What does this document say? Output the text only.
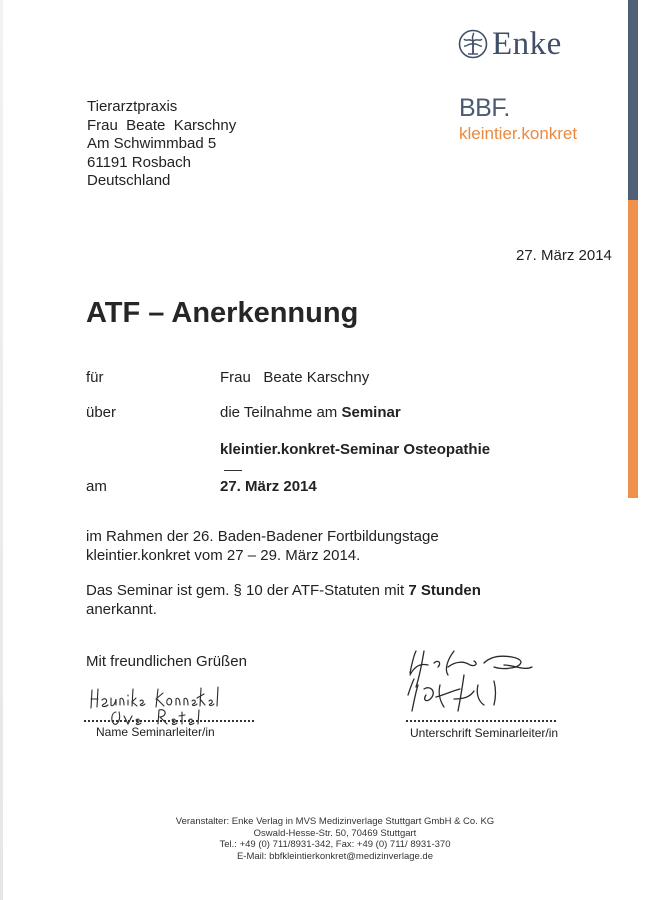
Enke
BBF.
kleintier.konkret
Tierarztpraxis
Frau  Beate  Karschny
Am Schwimmbad 5
61191 Rosbach
Deutschland
27. März 2014
ATF – Anerkennung
für	Frau   Beate Karschny
über	die Teilnahme am Seminar
kleintier.konkret-Seminar Osteopathie
am	27. März 2014
im Rahmen der 26. Baden-Badener Fortbildungstage
kleintier.konkret vom 27 – 29. März 2014.
Das Seminar ist gem. § 10 der ATF-Statuten mit 7 Stunden
anerkannt.
Mit freundlichen Grüßen
Name Seminarleiter/in	Unterschrift Seminarleiter/in
Veranstalter: Enke Verlag in MVS Medizinverlage Stuttgart GmbH & Co. KG
Oswald-Hesse-Str. 50, 70469 Stuttgart
Tel.: +49 (0) 711/8931-342, Fax: +49 (0) 711/ 8931-370
E-Mail: bbfkleintierkonkret@medizinverlage.de
